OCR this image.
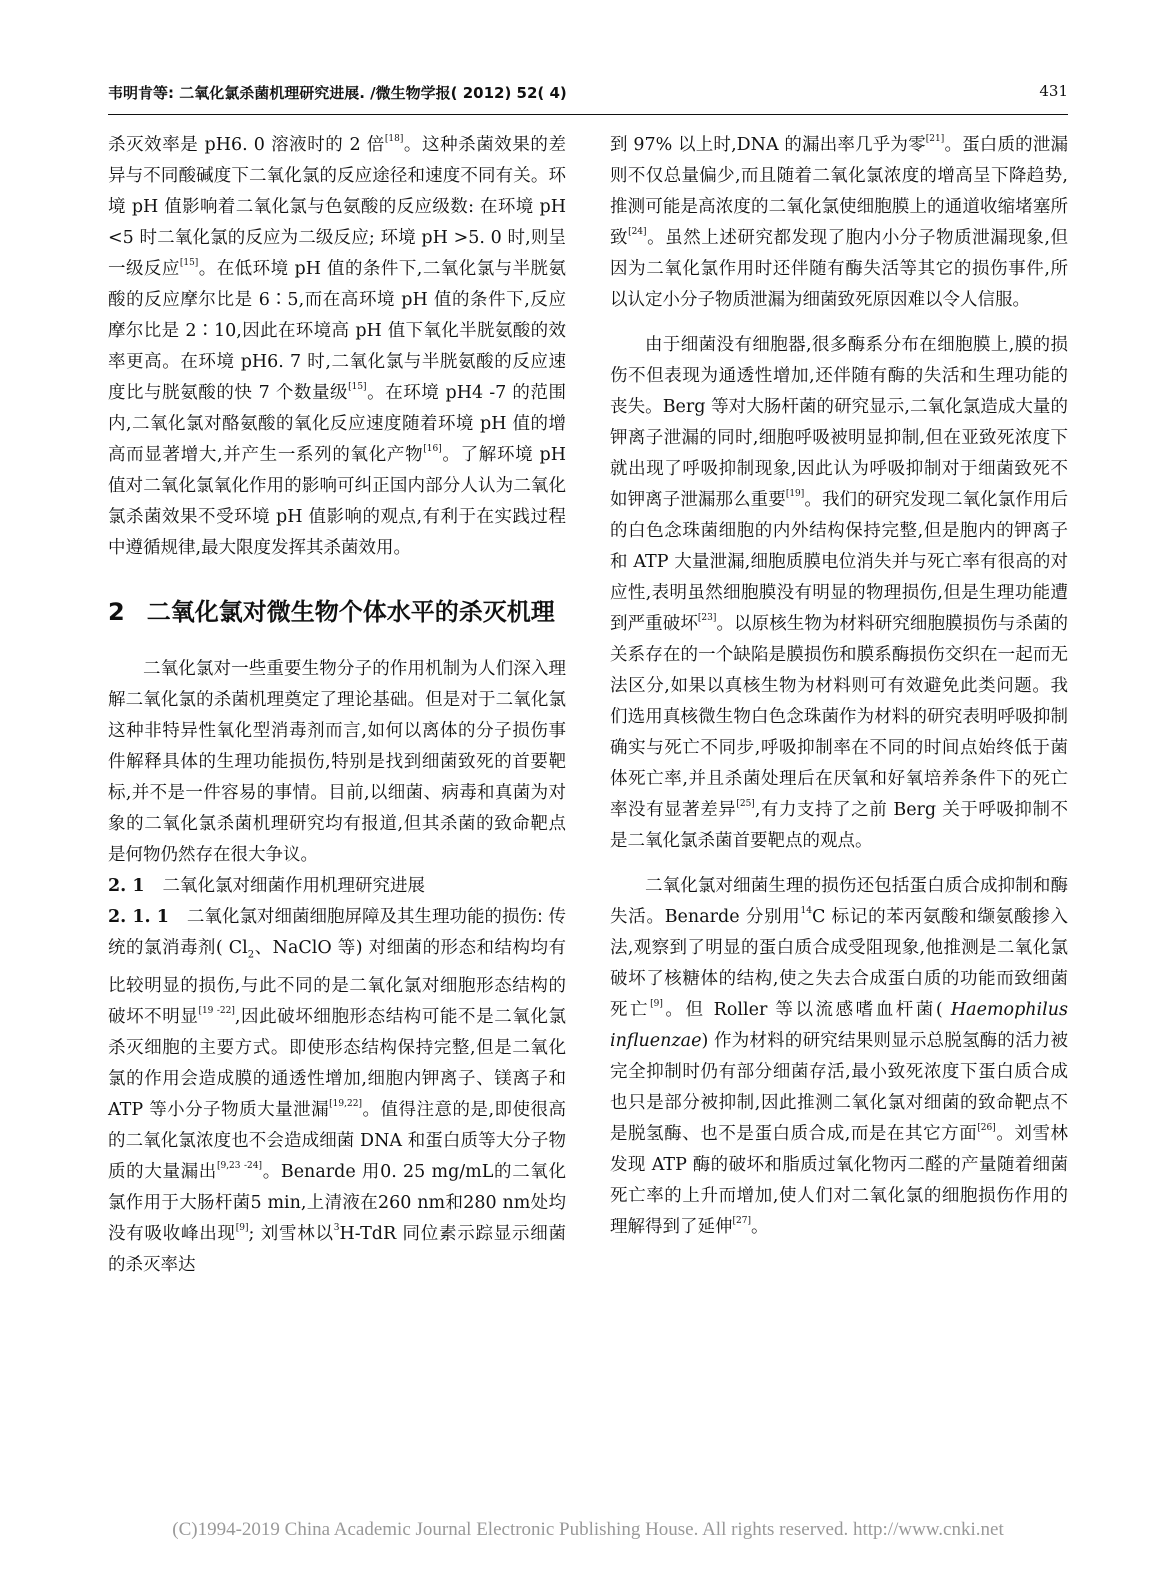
韦明肯等: 二氧化氯杀菌机理研究进展. /微生物学报( 2012) 52( 4)	431

杀灭效率是 pH6. 0 溶液时的 2 倍[18]。这种杀菌效果的差异与不同酸碱度下二氧化氯的反应途径和速度不同有关。环境 pH 值影响着二氧化氯与色氨酸的反应级数: 在环境 pH <5 时二氧化氯的反应为二级反应; 环境 pH >5. 0 时,则呈一级反应[15]。在低环境 pH 值的条件下,二氧化氯与半胱氨酸的反应摩尔比是 6∶5,而在高环境 pH 值的条件下,反应摩尔比是 2∶10,因此在环境高 pH 值下氧化半胱氨酸的效率更高。在环境 pH6. 7 时,二氧化氯与半胱氨酸的反应速度比与胱氨酸的快 7 个数量级[15]。在环境 pH4 -7 的范围内,二氧化氯对酪氨酸的氧化反应速度随着环境 pH 值的增高而显著增大,并产生一系列的氧化产物[16]。了解环境 pH 值对二氧化氯氧化作用的影响可纠正国内部分人认为二氧化氯杀菌效果不受环境 pH 值影响的观点,有利于在实践过程中遵循规律,最大限度发挥其杀菌效用。

2 二氧化氯对微生物个体水平的杀灭机理

二氧化氯对一些重要生物分子的作用机制为人们深入理解二氧化氯的杀菌机理奠定了理论基础。但是对于二氧化氯这种非特异性氧化型消毒剂而言,如何以离体的分子损伤事件解释具体的生理功能损伤,特别是找到细菌致死的首要靶标,并不是一件容易的事情。目前,以细菌、病毒和真菌为对象的二氧化氯杀菌机理研究均有报道,但其杀菌的致命靶点是何物仍然存在很大争议。

2. 1 二氧化氯对细菌作用机理研究进展

2. 1. 1 二氧化氯对细菌细胞屏障及其生理功能的损伤: 传统的氯消毒剂( $Cl_2$、NaClO 等) 对细菌的形态和结构均有比较明显的损伤,与此不同的是二氧化氯对细胞形态结构的破坏不明显[19 -22],因此破坏细胞形态结构可能不是二氧化氯杀灭细胞的主要方式。即使形态结构保持完整,但是二氧化氯的作用会造成膜的通透性增加,细胞内钾离子、镁离子和 ATP 等小分子物质大量泄漏[19,22]。值得注意的是,即使很高的二氧化氯浓度也不会造成细菌 DNA 和蛋白质等大分子物质的大量漏出[9,23 -24]。Benarde 用0. 25 mg/mL的二氧化氯作用于大肠杆菌5 min,上清液在260 nm和280 nm处均没有吸收峰出现[9]; 刘雪林以$^3$H-TdR 同位素示踪显示细菌的杀灭率达

到 97% 以上时,DNA 的漏出率几乎为零[21]。蛋白质的泄漏则不仅总量偏少,而且随着二氧化氯浓度的增高呈下降趋势,推测可能是高浓度的二氧化氯使细胞膜上的通道收缩堵塞所致[24]。虽然上述研究都发现了胞内小分子物质泄漏现象,但因为二氧化氯作用时还伴随有酶失活等其它的损伤事件,所以认定小分子物质泄漏为细菌致死原因难以令人信服。

由于细菌没有细胞器,很多酶系分布在细胞膜上,膜的损伤不但表现为通透性增加,还伴随有酶的失活和生理功能的丧失。Berg 等对大肠杆菌的研究显示,二氧化氯造成大量的钾离子泄漏的同时,细胞呼吸被明显抑制,但在亚致死浓度下就出现了呼吸抑制现象,因此认为呼吸抑制对于细菌致死不如钾离子泄漏那么重要[19]。我们的研究发现二氧化氯作用后的白色念珠菌细胞的内外结构保持完整,但是胞内的钾离子和 ATP 大量泄漏,细胞质膜电位消失并与死亡率有很高的对应性,表明虽然细胞膜没有明显的物理损伤,但是生理功能遭到严重破坏[23]。以原核生物为材料研究细胞膜损伤与杀菌的关系存在的一个缺陷是膜损伤和膜系酶损伤交织在一起而无法区分,如果以真核生物为材料则可有效避免此类问题。我们选用真核微生物白色念珠菌作为材料的研究表明呼吸抑制确实与死亡不同步,呼吸抑制率在不同的时间点始终低于菌体死亡率,并且杀菌处理后在厌氧和好氧培养条件下的死亡率没有显著差异[25],有力支持了之前 Berg 关于呼吸抑制不是二氧化氯杀菌首要靶点的观点。

二氧化氯对细菌生理的损伤还包括蛋白质合成抑制和酶失活。Benarde 分别用$^{14}$C 标记的苯丙氨酸和缬氨酸掺入法,观察到了明显的蛋白质合成受阻现象,他推测是二氧化氯破坏了核糖体的结构,使之失去合成蛋白质的功能而致细菌死亡[9]。但 Roller 等以流感嗜血杆菌( Haemophilus influenzae) 作为材料的研究结果则显示总脱氢酶的活力被完全抑制时仍有部分细菌存活,最小致死浓度下蛋白质合成也只是部分被抑制,因此推测二氧化氯对细菌的致命靶点不是脱氢酶、也不是蛋白质合成,而是在其它方面[26]。刘雪林发现 ATP 酶的破坏和脂质过氧化物丙二醛的产量随着细菌死亡率的上升而增加,使人们对二氧化氯的细胞损伤作用的理解得到了延伸[27]。

(C)1994-2019 China Academic Journal Electronic Publishing House. All rights reserved. http://www.cnki.net
